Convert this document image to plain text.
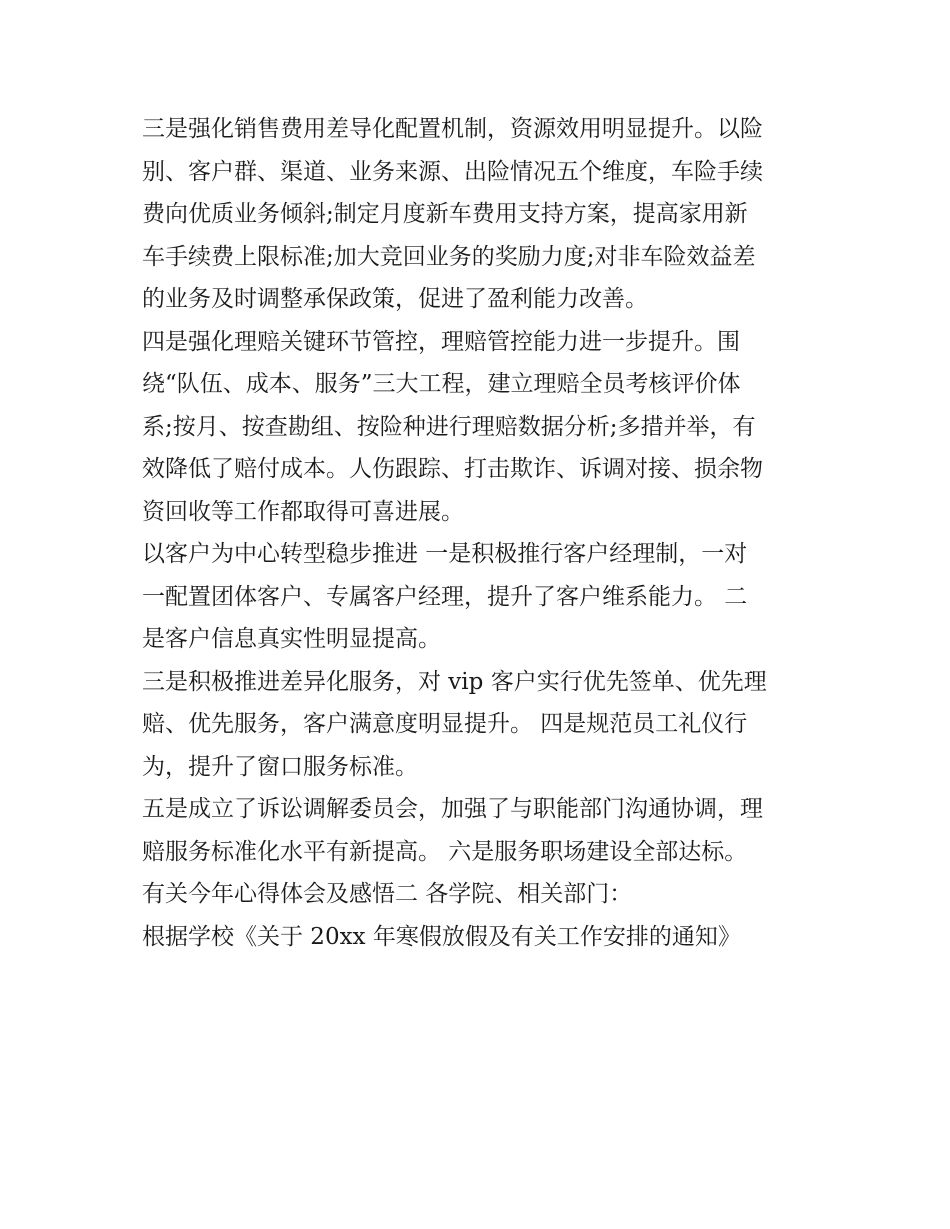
三是强化销售费用差导化配置机制，资源效用明显提升。以险
别、客户群、渠道、业务来源、出险情况五个维度，车险手续
费向优质业务倾斜;制定月度新车费用支持方案，提高家用新
车手续费上限标准;加大竞回业务的奖励力度;对非车险效益差
的业务及时调整承保政策，促进了盈利能力改善。

四是强化理赔关键环节管控，理赔管控能力进一步提升。围
绕“队伍、成本、服务”三大工程，建立理赔全员考核评价体
系;按月、按查勘组、按险种进行理赔数据分析;多措并举，有
效降低了赔付成本。人伤跟踪、打击欺诈、诉调对接、损余物
资回收等工作都取得可喜进展。

以客户为中心转型稳步推进 一是积极推行客户经理制，一对
一配置团体客户、专属客户经理，提升了客户维系能力。 二
是客户信息真实性明显提高。

三是积极推进差异化服务，对 vip 客户实行优先签单、优先理
赔、优先服务，客户满意度明显提升。 四是规范员工礼仪行
为，提升了窗口服务标准。

五是成立了诉讼调解委员会，加强了与职能部门沟通协调，理
赔服务标准化水平有新提高。 六是服务职场建设全部达标。

有关今年心得体会及感悟二 各学院、相关部门：

根据学校《关于 20xx 年寒假放假及有关工作安排的通知》
